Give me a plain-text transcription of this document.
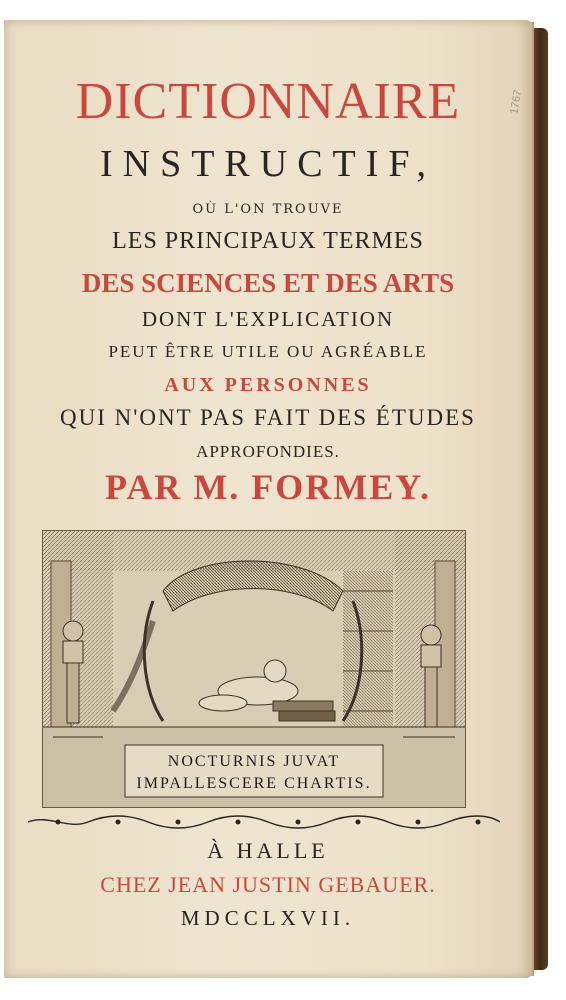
1767
DICTIONNAIRE
INSTRUCTIF,
OÙ L'ON TROUVE
LES PRINCIPAUX TERMES
DES SCIENCES ET DES ARTS
DONT L'EXPLICATION
PEUT ÊTRE UTILE OU AGRÉABLE
AUX PERSONNES
QUI N'ONT PAS FAIT DES ÉTUDES
APPROFONDIES.
PAR M. FORMEY.
NOCTURNIS JUVAT
IMPALLESCERE CHARTIS.
À HALLE
CHEZ JEAN JUSTIN GEBAUER.
MDCCLXVII.
